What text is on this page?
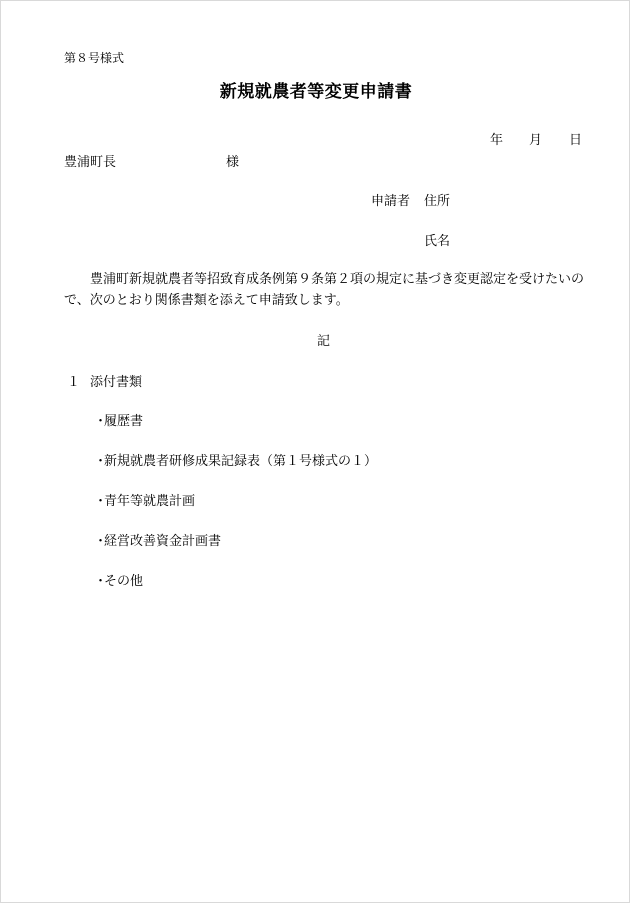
第８号様式
新規就農者等変更申請書
年 月 日
豊浦町長	様
申請者 住所
氏名
豊浦町新規就農者等招致育成条例第９条第２項の規定に基づき変更認定を受けたいので、次のとおり関係書類を添えて申請致します。
記
１ 添付書類
・履歴書
・新規就農者研修成果記録表（第１号様式の１）
・青年等就農計画
・経営改善資金計画書
・その他
